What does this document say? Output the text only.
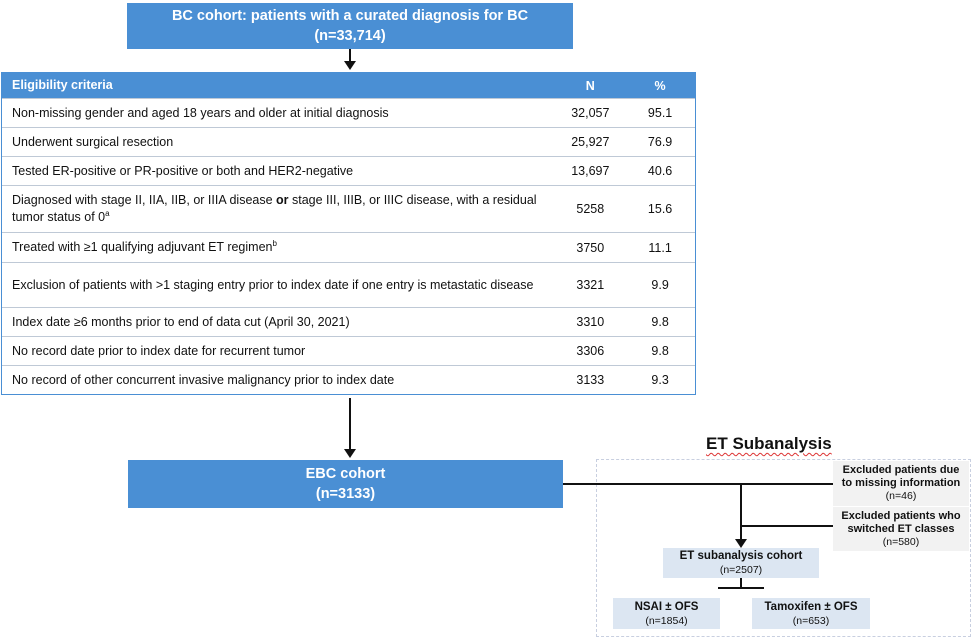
BC cohort: patients with a curated diagnosis for BC
(n=33,714)
Eligibility criteria	N	%
Non-missing gender and aged 18 years and older at initial diagnosis	32,057	95.1
Underwent surgical resection	25,927	76.9
Tested ER-positive or PR-positive or both and HER2-negative	13,697	40.6
Diagnosed with stage II, IIA, IIB, or IIIA disease or stage III, IIIB, or IIIC disease, with a residual tumor status of 0$^a$	5258	15.6
Treated with ≥1 qualifying adjuvant ET regimen$^b$	3750	11.1
Exclusion of patients with >1 staging entry prior to index date if one entry is metastatic disease	3321	9.9
Index date ≥6 months prior to end of data cut (April 30, 2021)	3310	9.8
No record date prior to index date for recurrent tumor	3306	9.8
No record of other concurrent invasive malignancy prior to index date	3133	9.3
EBC cohort
(n=3133)
ET Subanalysis
Excluded patients due
to missing information
(n=46)
Excluded patients who
switched ET classes
(n=580)
ET subanalysis cohort
(n=2507)
NSAI ± OFS
(n=1854)
Tamoxifen ± OFS
(n=653)
